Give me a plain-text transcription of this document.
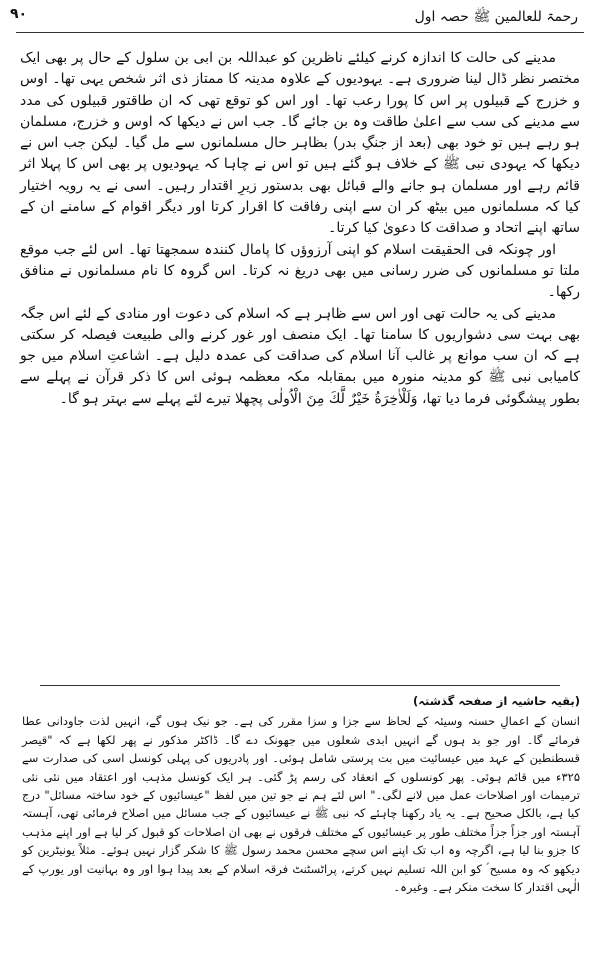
۹۰	رحمۃ للعالمین ﷺ حصہ اول

مدینے کی حالت کا اندازہ کرنے کیلئے ناظرین کو عبداللہ بن ابی بن سلول کے حال پر بھی ایک مختصر نظر ڈال لینا ضروری ہے۔ یہودیوں کے علاوہ مدینہ کا ممتاز ذی اثر شخص یہی تھا۔ اوس و خزرج کے قبیلوں پر اس کا پورا رعب تھا۔ اور اس کو توقع تھی کہ ان طاقتور قبیلوں کی مدد سے مدینے کی سب سے اعلیٰ طاقت وہ بن جائے گا۔ جب اس نے دیکھا کہ اوس و خزرج، مسلمان ہو رہے ہیں تو خود بھی (بعد از جنگِ بدر) بظاہر حال مسلمانوں سے مل گیا۔ لیکن جب اس نے دیکھا کہ یہودی نبی ﷺ کے خلاف ہو گئے ہیں تو اس نے چاہا کہ یہودیوں پر بھی اس کا پہلا اثر قائم رہے اور مسلمان ہو جانے والے قبائل بھی بدستور زیرِ اقتدار رہیں۔ اسی نے یہ رویہ اختیار کیا کہ مسلمانوں میں بیٹھ کر ان سے اپنی رفاقت کا اقرار کرتا اور دیگر اقوام کے سامنے ان کے ساتھ اپنے اتحاد و صداقت کا دعویٰ کیا کرتا۔

اور چونکہ فی الحقیقت اسلام کو اپنی آرزوؤں کا پامال کنندہ سمجھتا تھا۔ اس لئے جب موقع ملتا تو مسلمانوں کی ضرر رسانی میں بھی دریغ نہ کرتا۔ اس گروہ کا نام مسلمانوں نے منافق رکھا۔

مدینے کی یہ حالت تھی اور اس سے ظاہر ہے کہ اسلام کی دعوت اور منادی کے لئے اس جگہ بھی بہت سی دشواریوں کا سامنا تھا۔ ایک منصف اور غور کرنے والی طبیعت فیصلہ کر سکتی ہے کہ ان سب موانع پر غالب آنا اسلام کی صداقت کی عمدہ دلیل ہے۔ اشاعتِ اسلام میں جو کامیابی نبی ﷺ کو مدینہ منورہ میں بمقابلہ مکہ معظمہ ہوئی اس کا ذکر قرآن نے پہلے سے بطور پیشگوئی فرما دیا تھا، وَلَلْاٰخِرَةُ خَيْرٌ لَّكَ مِنَ الْاُولٰى پچھلا تیرے لئے پہلے سے بہتر ہو گا۔

(بقیہ حاشیہ از صفحہ گذشتہ)
انسان کے اعمالِ حسنہ وسیئہ کے لحاظ سے جزا و سزا مقرر کی ہے۔ جو نیک ہوں گے، انہیں لذت جاودانی عطا فرمائے گا۔ اور جو بد ہوں گے انہیں ابدی شعلوں میں جھونک دے گا۔ ڈاکٹر مذکور نے پھر لکھا ہے کہ "قیصر قسطنطین کے عہد میں عیسائیت میں بت پرستی شامل ہوئی۔ اور پادریوں کی پہلی کونسل اسی کی صدارت سے ۳۲۵ء میں قائم ہوئی۔ پھر کونسلوں کے انعقاد کی رسم پڑ گئی۔ ہر ایک کونسل مذہب اور اعتقاد میں نئی نئی ترمیمات اور اصلاحات عمل میں لانے لگی۔" اس لئے ہم نے جو تین میں لفظ "عیسائیوں کے خود ساختہ مسائل" درج کیا ہے، بالکل صحیح ہے۔ یہ یاد رکھنا چاہئے کہ نبی ﷺ نے عیسائیوں کے جب مسائل میں اصلاح فرمائی تھی، آہستہ آہستہ اور جزاً جزاً مختلف طور پر عیسائیوں کے مختلف فرقوں نے بھی ان اصلاحات کو قبول کر لیا ہے اور اپنے مذہب کا جزو بنا لیا ہے، اگرچہ وہ اب تک اپنے اس سچے محسن محمد رسول ﷺ کا شکر گزار نہیں ہوئے۔ مثلاً یونیٹرین کو دیکھو کہ وہ مسیح ؑ کو ابن اللہ تسلیم نہیں کرتے، پراٹسٹنٹ فرقہ اسلام کے بعد پیدا ہوا اور وہ بہانیت اور یورپ کے الٰہی اقتدار کا سخت منکر ہے۔ وغیرہ۔
